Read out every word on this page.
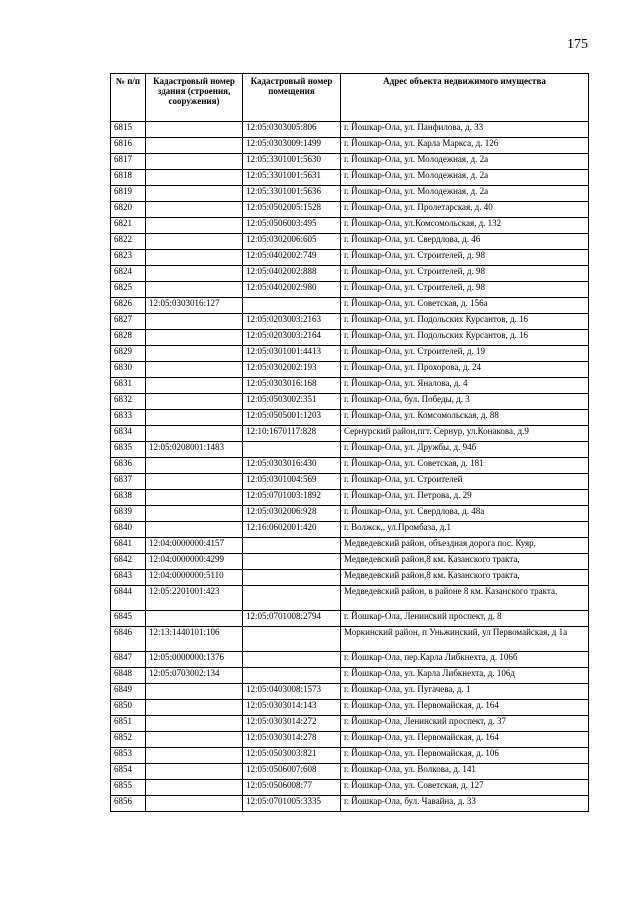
175
№ п/п	Кадастровый номер здания (строения, сооружения)	Кадастровый номер помещения	Адрес объекта недвижимого имущества
6815		12:05:0303005:806	г. Йошкар-Ола, ул. Панфилова, д. 33
6816		12:05:0303009:1499	г. Йошкар-Ола, ул. Карла Маркса, д. 126
6817		12:05:3301001:5630	г. Йошкар-Ола, ул. Молодежная, д. 2а
6818		12:05:3301001:5631	г. Йошкар-Ола, ул. Молодежная, д. 2а
6819		12:05:3301001:5636	г. Йошкар-Ола, ул. Молодежная, д. 2а
6820		12:05:0502005:1528	г. Йошкар-Ола, ул. Пролетарская, д. 40
6821		12:05:0506003:495	г. Йошкар-Ола, ул.Комсомольская, д. 132
6822		12:05:0302006:605	г. Йошкар-Ола, ул. Свердлова, д. 46
6823		12:05:0402002:749	г. Йошкар-Ола, ул. Строителей, д. 98
6824		12:05:0402002:888	г. Йошкар-Ола, ул. Строителей, д. 98
6825		12:05:0402002:980	г. Йошкар-Ола, ул. Строителей, д. 98
6826	12:05:0303016:127		г. Йошкар-Ола, ул. Советская, д. 156а
6827		12:05:0203003:2163	г. Йошкар-Ола, ул. Подольских Курсантов, д. 16
6828		12:05:0203003:2164	г. Йошкар-Ола, ул. Подольских Курсантов, д. 16
6829		12:05:0301001:4413	г. Йошкар-Ола, ул. Строителей, д. 19
6830		12:05:0302002:193	г. Йошкар-Ола, ул. Прохорова, д. 24
6831		12:05:0303016:168	г. Йошкар-Ола, ул. Яналова, д. 4
6832		12:05:0503002:351	г. Йошкар-Ола, бул. Победы, д. 3
6833		12:05:0505001:1203	г. Йошкар-Ола, ул. Комсомольская, д. 88
6834		12:10:1670117:828	Сернурский район,пгт. Сернур, ул.Конакова, д.9
6835	12:05:0208001:1483		г. Йошкар-Ола, ул. Дружбы, д. 94б
6836		12:05:0303016:430	г. Йошкар-Ола, ул. Советская, д. 181
6837		12:05:0301004:569	г. Йошкар-Ола, ул. Строителей
6838		12:05:0701003:1892	г. Йошкар-Ола, ул. Петрова, д. 29
6839		12:05:0302006:928	г. Йошкар-Ола, ул. Свердлова, д. 48а
6840		12:16:0602001:420	г. Волжск,, ул.Промбаза, д.1
6841	12:04:0000000:4157		Медведевский район, объездная дорога пос. Куяр,
6842	12:04:0000000:4299		Медведевский район,8 км. Казанского тракта,
6843	12:04:0000000:5110		Медведевский район,8 км. Казанского тракта,
6844	12:05:2201001:423		Медведевский район, в районе 8 км. Казанского тракта,
6845		12:05:0701008:2794	г. Йошкар-Ола, Ленинский проспект, д. 8
6846	12:13:1440101:106		Моркинский район, п Уньжинский, ул Первомайская, д 1а
6847	12:05:0000000:1376		г. Йошкар-Ола, пер.Карла Либкнехта, д. 106б
6848	12:05:0703002:134		г. Йошкар-Ола, ул. Карла Либкнехта, д. 106д
6849		12:05:0403008:1573	г. Йошкар-Ола, ул. Пугачева, д. 1
6850		12:05:0303014:143	г. Йошкар-Ола, ул. Первомайская, д. 164
6851		12:05:0303014:272	г. Йошкар-Ола, Ленинский проспект, д. 37
6852		12:05:0303014:278	г. Йошкар-Ола, ул. Первомайская, д. 164
6853		12:05:0503003:821	г. Йошкар-Ола, ул. Первомайская, д. 106
6854		12:05:0506007:608	г. Йошкар-Ола, ул. Волкова, д. 141
6855		12:05:0506008:77	г. Йошкар-Ола, ул. Советская, д. 127
6856		12:05:0701005:3335	г. Йошкар-Ола, бул. Чавайна, д. 33
